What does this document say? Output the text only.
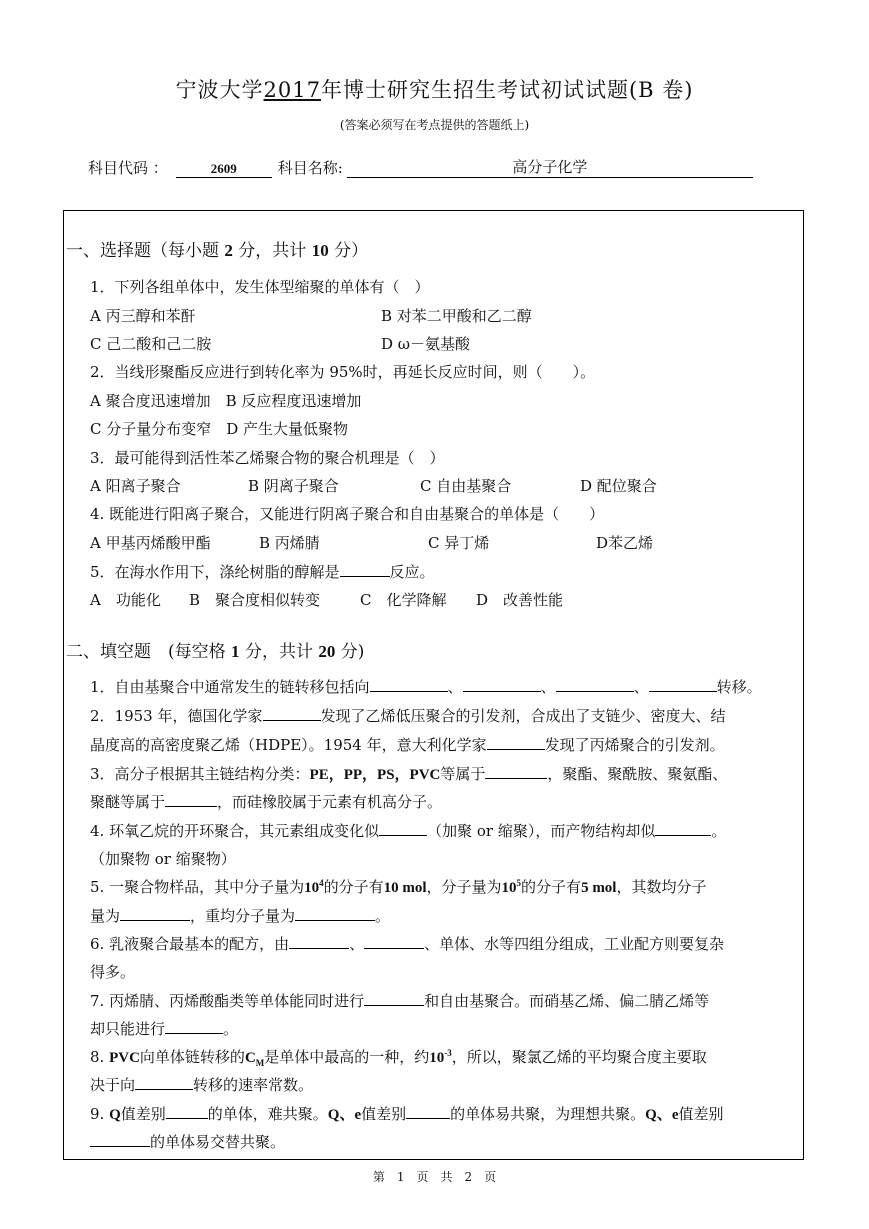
宁波大学2017年博士研究生招生考试初试试题(B 卷)
(答案必须写在考点提供的答题纸上)
科目代码 ：	2609	科目名称:	高分子化学
一、选择题（每小题 2 分，共计 10 分）
1．下列各组单体中，发生体型缩聚的单体有（　）
A 丙三醇和苯酐	B 对苯二甲酸和乙二醇
C 己二酸和己二胺	D ω－氨基酸
2．当线形聚酯反应进行到转化率为 95%时，再延长反应时间，则（　　）。
A 聚合度迅速增加　B 反应程度迅速增加
C 分子量分布变窄　D 产生大量低聚物
3．最可能得到活性苯乙烯聚合物的聚合机理是（　）
A 阳离子聚合	B 阴离子聚合	C 自由基聚合	D 配位聚合
4. 既能进行阳离子聚合，又能进行阴离子聚合和自由基聚合的单体是（　　）
A 甲基丙烯酸甲酯	B 丙烯腈	C 异丁烯	D苯乙烯
5．在海水作用下，涤纶树脂的醇解是	反应。
A　功能化 B　聚合度相似转变	C　化学降解 D　改善性能
二、填空题　(每空格 1 分，共计 20 分)
1．自由基聚合中通常发生的链转移包括向	、	、	、	转移。
2．1953 年，德国化学家	发现了乙烯低压聚合的引发剂，合成出了支链少、密度大、结
晶度高的高密度聚乙烯（HDPE）。1954 年，意大利化学家	发现了丙烯聚合的引发剂。
3．高分子根据其主链结构分类：PE，PP，PS，PVC等属于	，聚酯、聚酰胺、聚氨酯、
聚醚等属于	，而硅橡胶属于元素有机高分子。
4. 环氧乙烷的开环聚合，其元素组成变化似	（加聚 or 缩聚），而产物结构却似	。
（加聚物 or 缩聚物）
5. 一聚合物样品，其中分子量为$10^4$的分子有10 mol，分子量为$10^5$的分子有5 mol，其数均分子
量为	，重均分子量为	。
6. 乳液聚合最基本的配方，由	、	、单体、水等四组分组成，工业配方则要复杂
得多。
7. 丙烯腈、丙烯酸酯类等单体能同时进行	和自由基聚合。而硝基乙烯、偏二腈乙烯等
却只能进行	。
8. PVC向单体链转移的$C_M$是单体中最高的一种，约$10^{-3}$，所以，聚氯乙烯的平均聚合度主要取
决于向	转移的速率常数。
9. Q值差别	的单体，难共聚。Q、e值差别	的单体易共聚，为理想共聚。Q、e值差别
的单体易交替共聚。
第　1　页　共　2　页
